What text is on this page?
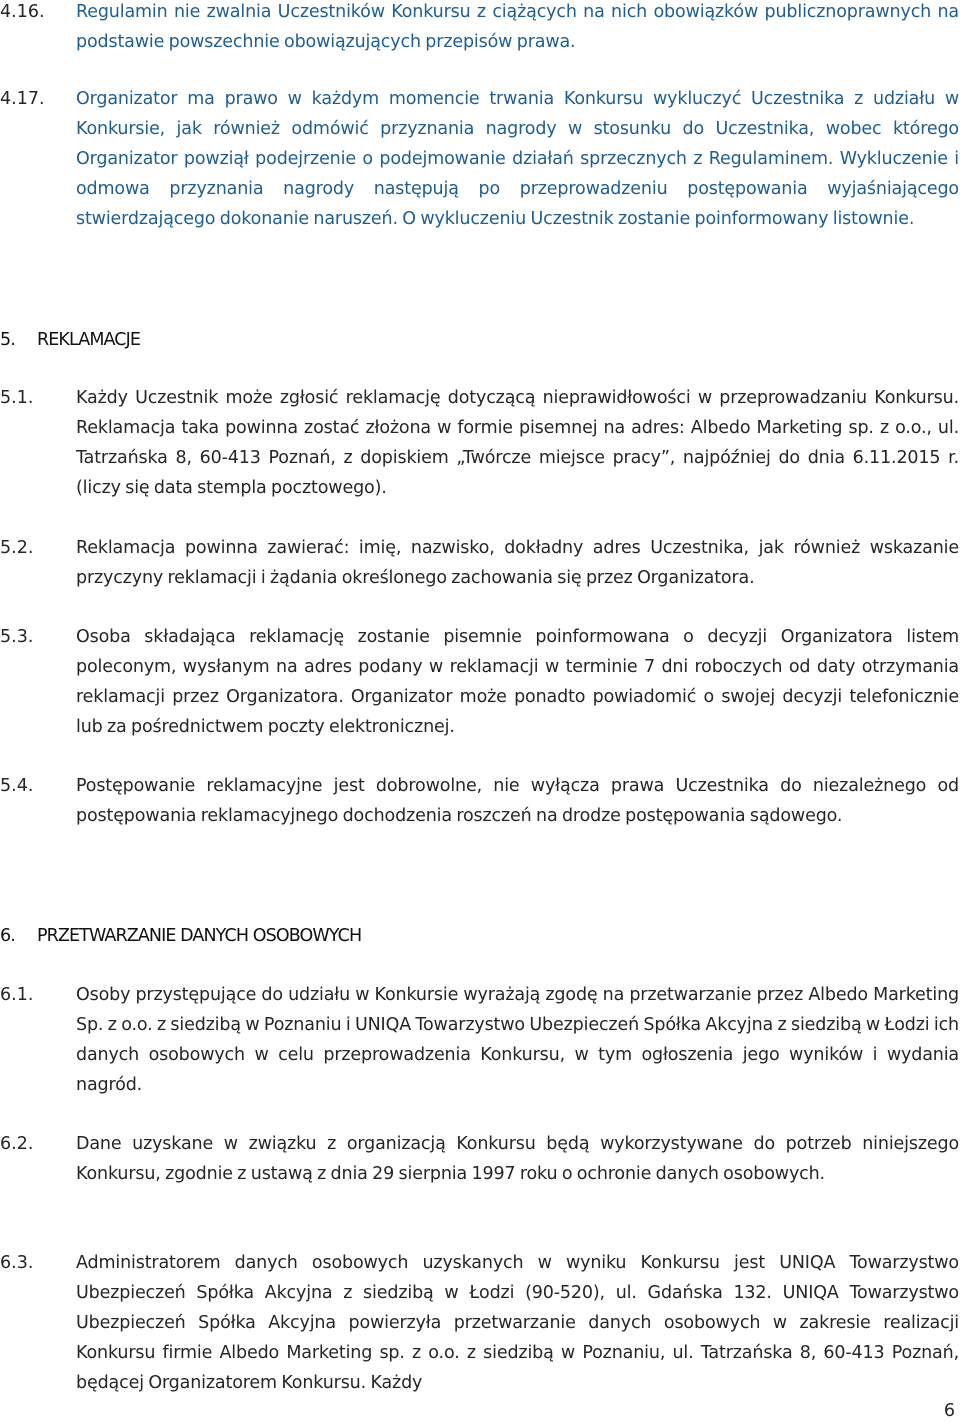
4.16. Regulamin nie zwalnia Uczestników Konkursu z ciążących na nich obowiązków publicznoprawnych na podstawie powszechnie obowiązujących przepisów prawa.
4.17. Organizator ma prawo w każdym momencie trwania Konkursu wykluczyć Uczestnika z udziału w Konkursie, jak również odmówić przyznania nagrody w stosunku do Uczestnika, wobec którego Organizator powziął podejrzenie o podejmowanie działań sprzecznych z Regulaminem. Wykluczenie i odmowa przyznania nagrody następują po przeprowadzeniu postępowania wyjaśniającego stwierdzającego dokonanie naruszeń. O wykluczeniu Uczestnik zostanie poinformowany listownie.
5. REKLAMACJE
5.1. Każdy Uczestnik może zgłosić reklamację dotyczącą nieprawidłowości w przeprowadzaniu Konkursu. Reklamacja taka powinna zostać złożona w formie pisemnej na adres: Albedo Marketing sp. z o.o., ul. Tatrzańska 8, 60-413 Poznań, z dopiskiem „Twórcze miejsce pracy”, najpóźniej do dnia 6.11.2015 r. (liczy się data stempla pocztowego).
5.2. Reklamacja powinna zawierać: imię, nazwisko, dokładny adres Uczestnika, jak również wskazanie przyczyny reklamacji i żądania określonego zachowania się przez Organizatora.
5.3. Osoba składająca reklamację zostanie pisemnie poinformowana o decyzji Organizatora listem poleconym, wysłanym na adres podany w reklamacji w terminie 7 dni roboczych od daty otrzymania reklamacji przez Organizatora. Organizator może ponadto powiadomić o swojej decyzji telefonicznie lub za pośrednictwem poczty elektronicznej.
5.4. Postępowanie reklamacyjne jest dobrowolne, nie wyłącza prawa Uczestnika do niezależnego od postępowania reklamacyjnego dochodzenia roszczeń na drodze postępowania sądowego.
6. PRZETWARZANIE DANYCH OSOBOWYCH
6.1. Osoby przystępujące do udziału w Konkursie wyrażają zgodę na przetwarzanie przez Albedo Marketing Sp. z o.o. z siedzibą w Poznaniu i UNIQA Towarzystwo Ubezpieczeń Spółka Akcyjna z siedzibą w Łodzi ich danych osobowych w celu przeprowadzenia Konkursu, w tym ogłoszenia jego wyników i wydania nagród.
6.2. Dane uzyskane w związku z organizacją Konkursu będą wykorzystywane do potrzeb niniejszego Konkursu, zgodnie z ustawą z dnia 29 sierpnia 1997 roku o ochronie danych osobowych.
6.3. Administratorem danych osobowych uzyskanych w wyniku Konkursu jest UNIQA Towarzystwo Ubezpieczeń Spółka Akcyjna z siedzibą w Łodzi (90-520), ul. Gdańska 132. UNIQA Towarzystwo Ubezpieczeń Spółka Akcyjna powierzyła przetwarzanie danych osobowych w zakresie realizacji Konkursu firmie Albedo Marketing sp. z o.o. z siedzibą w Poznaniu, ul. Tatrzańska 8, 60-413 Poznań, będącej Organizatorem Konkursu. Każdy
6
